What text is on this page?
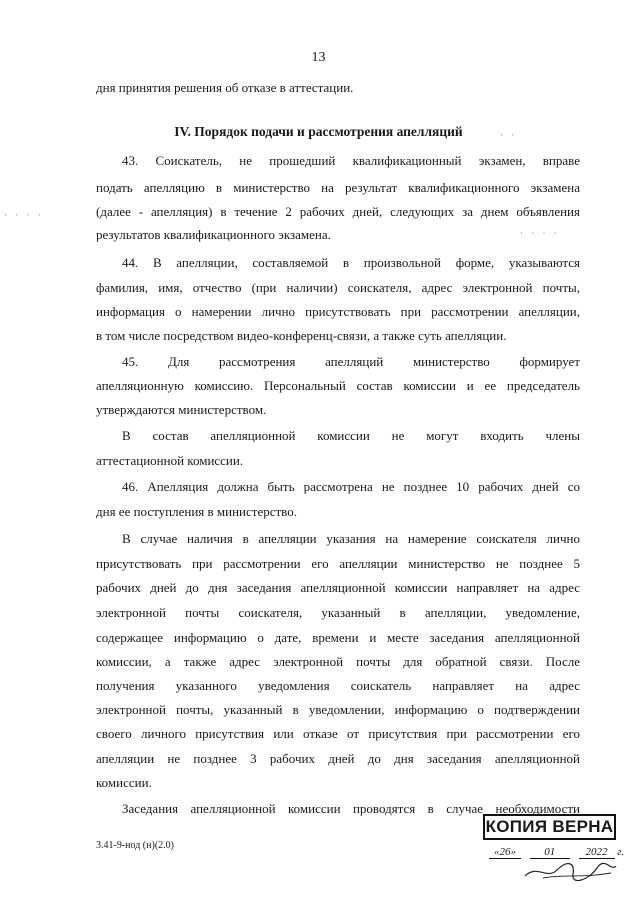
13
дня принятия решения об отказе в аттестации.
IV. Порядок подачи и рассмотрения апелляций
43. Соискатель, не прошедший квалификационный экзамен, вправе
подать апелляцию в министерство на результат квалификационного экзамена
(далее - апелляция) в течение 2 рабочих дней, следующих за днем объявления
результатов квалификационного экзамена.
44. В апелляции, составляемой в произвольной форме, указываются
фамилия, имя, отчество (при наличии) соискателя, адрес электронной почты,
информация о намерении лично присутствовать при рассмотрении апелляции,
в том числе посредством видео-конференц-связи, а также суть апелляции.
45. Для рассмотрения апелляций министерство формирует
апелляционную комиссию. Персональный состав комиссии и ее председатель
утверждаются министерством.
В состав апелляционной комиссии не могут входить члены
аттестационной комиссии.
46. Апелляция должна быть рассмотрена не позднее 10 рабочих дней со
дня ее поступления в министерство.
В случае наличия в апелляции указания на намерение соискателя лично
присутствовать при рассмотрении его апелляции министерство не позднее 5
рабочих дней до дня заседания апелляционной комиссии направляет на адрес
электронной почты соискателя, указанный в апелляции, уведомление,
содержащее информацию о дате, времени и месте заседания апелляционной
комиссии, а также адрес электронной почты для обратной связи. После
получения указанного уведомления соискатель направляет на адрес
электронной почты, указанный в уведомлении, информацию о подтверждении
своего личного присутствия или отказе от присутствия при рассмотрении его
апелляции не позднее 3 рабочих дней до дня заседания апелляционной
комиссии.
Заседания апелляционной комиссии проводятся в случае необходимости
3.41-9-нод (н)(2.0)
КОПИЯ ВЕРНА
«26»	01	2022 г.
· · · ·
· ·
· · · ·
